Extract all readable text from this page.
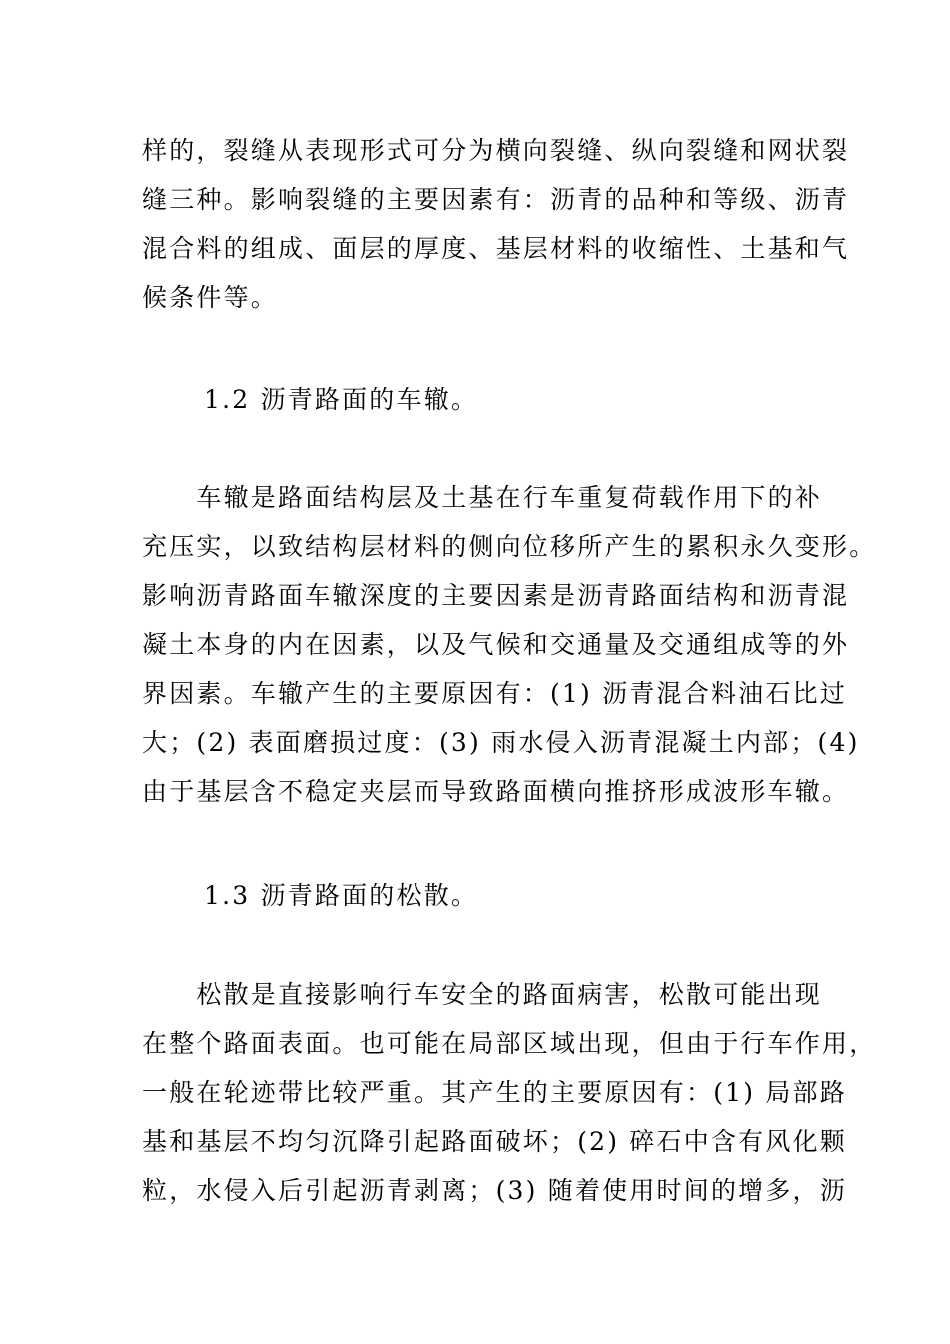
样的，裂缝从表现形式可分为横向裂缝、纵向裂缝和网状裂
缝三种。影响裂缝的主要因素有：沥青的品种和等级、沥青
混合料的组成、面层的厚度、基层材料的收缩性、土基和气
候条件等。
1.2 沥青路面的车辙。
　　车辙是路面结构层及土基在行车重复荷载作用下的补
充压实，以致结构层材料的侧向位移所产生的累积永久变形。
影响沥青路面车辙深度的主要因素是沥青路面结构和沥青混
凝土本身的内在因素，以及气候和交通量及交通组成等的外
界因素。车辙产生的主要原因有：(1) 沥青混合料油石比过
大；(2) 表面磨损过度：(3) 雨水侵入沥青混凝土内部；(4)
由于基层含不稳定夹层而导致路面横向推挤形成波形车辙。
1.3 沥青路面的松散。
　　松散是直接影响行车安全的路面病害，松散可能出现
在整个路面表面。也可能在局部区域出现，但由于行车作用，
一般在轮迹带比较严重。其产生的主要原因有：(1) 局部路
基和基层不均匀沉降引起路面破坏；(2) 碎石中含有风化颗
粒，水侵入后引起沥青剥离；(3) 随着使用时间的增多，沥
